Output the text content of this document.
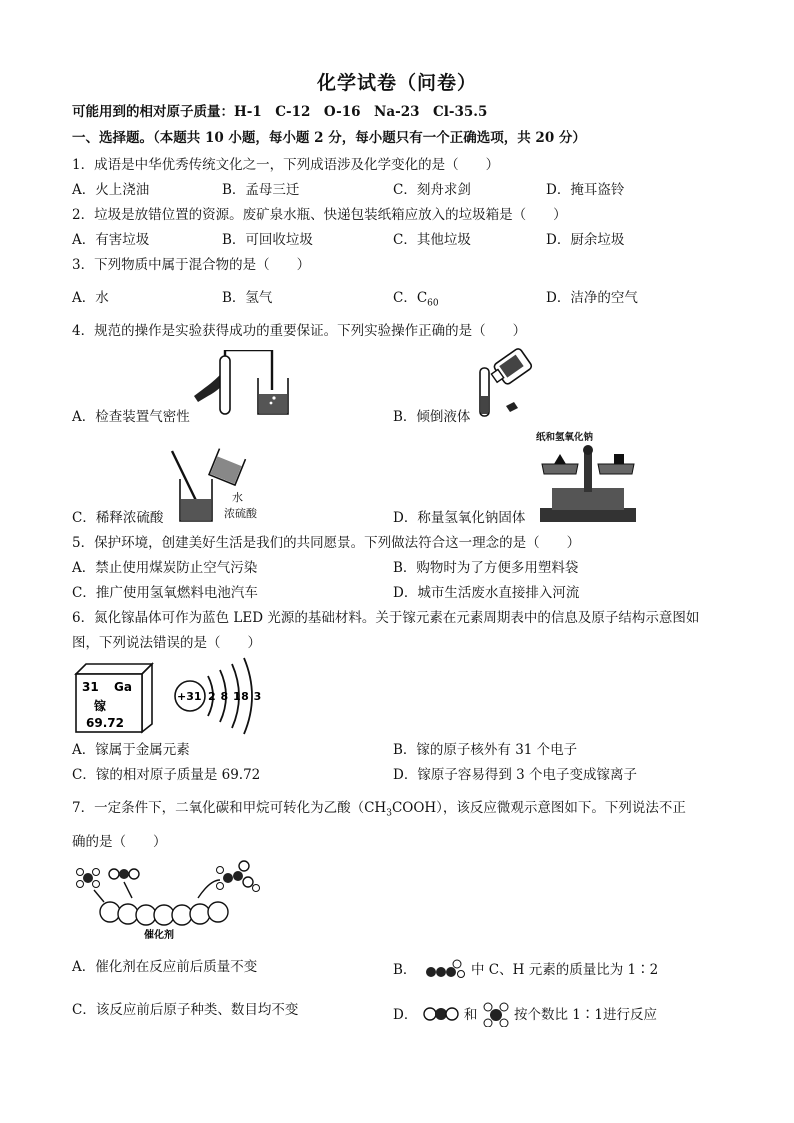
化学试卷（问卷）
可能用到的相对原子质量：H-1　C-12　O-16　Na-23　Cl-35.5
一、选择题。（本题共 10 小题，每小题 2 分，每小题只有一个正确选项，共 20 分）
1．成语是中华优秀传统文化之一，下列成语涉及化学变化的是（　　）
A．火上浇油	B．孟母三迁	C．刻舟求剑	D．掩耳盗铃
2．垃圾是放错位置的资源。废矿泉水瓶、快递包装纸箱应放入的垃圾箱是（　　）
A．有害垃圾	B．可回收垃圾	C．其他垃圾	D．厨余垃圾
3．下列物质中属于混合物的是（　　）
A．水	B．氢气	C．$C_{60}$	D．洁净的空气
4．规范的操作是实验获得成功的重要保证。下列实验操作正确的是（　　）
A．检查装置气密性	B．倾倒液体
水
浓硫酸
C．稀释浓硫酸
纸和氢氧化钠
D．称量氢氧化钠固体
5．保护环境，创建美好生活是我们的共同愿景。下列做法符合这一理念的是（　　）
A．禁止使用煤炭防止空气污染	B．购物时为了方便多用塑料袋
C．推广使用氢氧燃料电池汽车	D．城市生活废水直接排入河流
6．氮化镓晶体可作为蓝色 LED 光源的基础材料。关于镓元素在元素周期表中的信息及原子结构示意图如
图，下列说法错误的是（　　）
31 Ga
镓
69.72
+31 2 8 18 3
A．镓属于金属元素	B．镓的原子核外有 31 个电子
C．镓的相对原子质量是 69.72	D．镓原子容易得到 3 个电子变成镓离子
7．一定条件下，二氧化碳和甲烷可转化为乙酸$(CH_3COOH)$，该反应微观示意图如下。下列说法不正
确的是（　　）
催化剂
A．催化剂在反应前后质量不变	B．	中 C、H 元素的质量比为 1∶2
C．该反应前后原子种类、数目均不变	D．	和	按个数比 1∶1进行反应
